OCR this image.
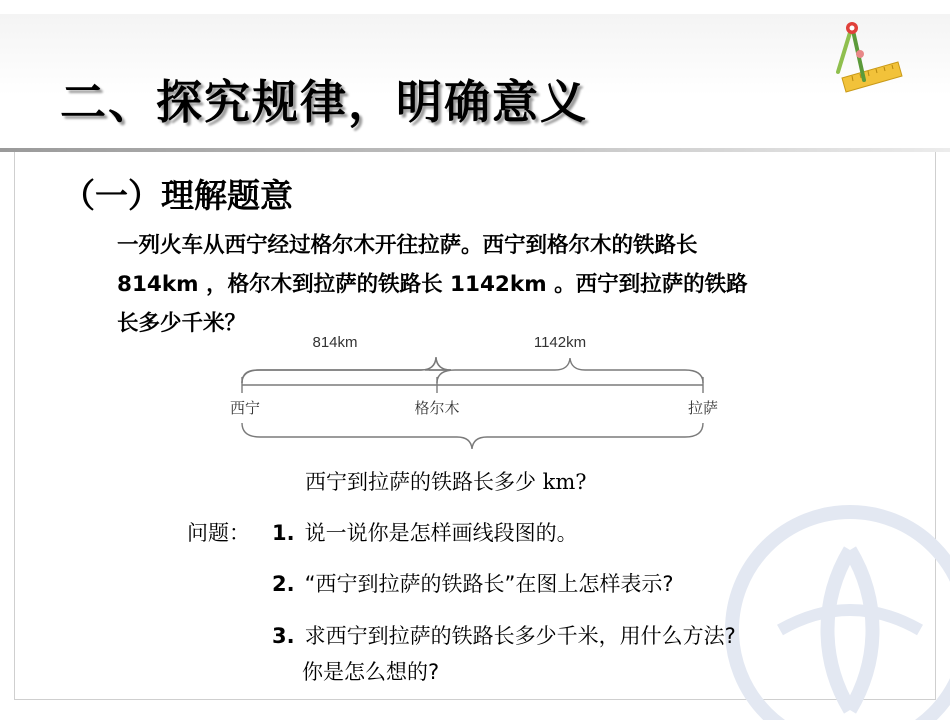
二、探究规律，明确意义
（一）理解题意
一列火车从西宁经过格尔木开往拉萨。西宁到格尔木的铁路长
814km ，格尔木到拉萨的铁路长 1142km 。西宁到拉萨的铁路
长多少千米？
814km	1142km
西宁	格尔木	拉萨
西宁到拉萨的铁路长多少 km?
问题： 1. 说一说你是怎样画线段图的。
2. “西宁到拉萨的铁路长”在图上怎样表示?
3. 求西宁到拉萨的铁路长多少千米，用什么方法?
你是怎么想的?
